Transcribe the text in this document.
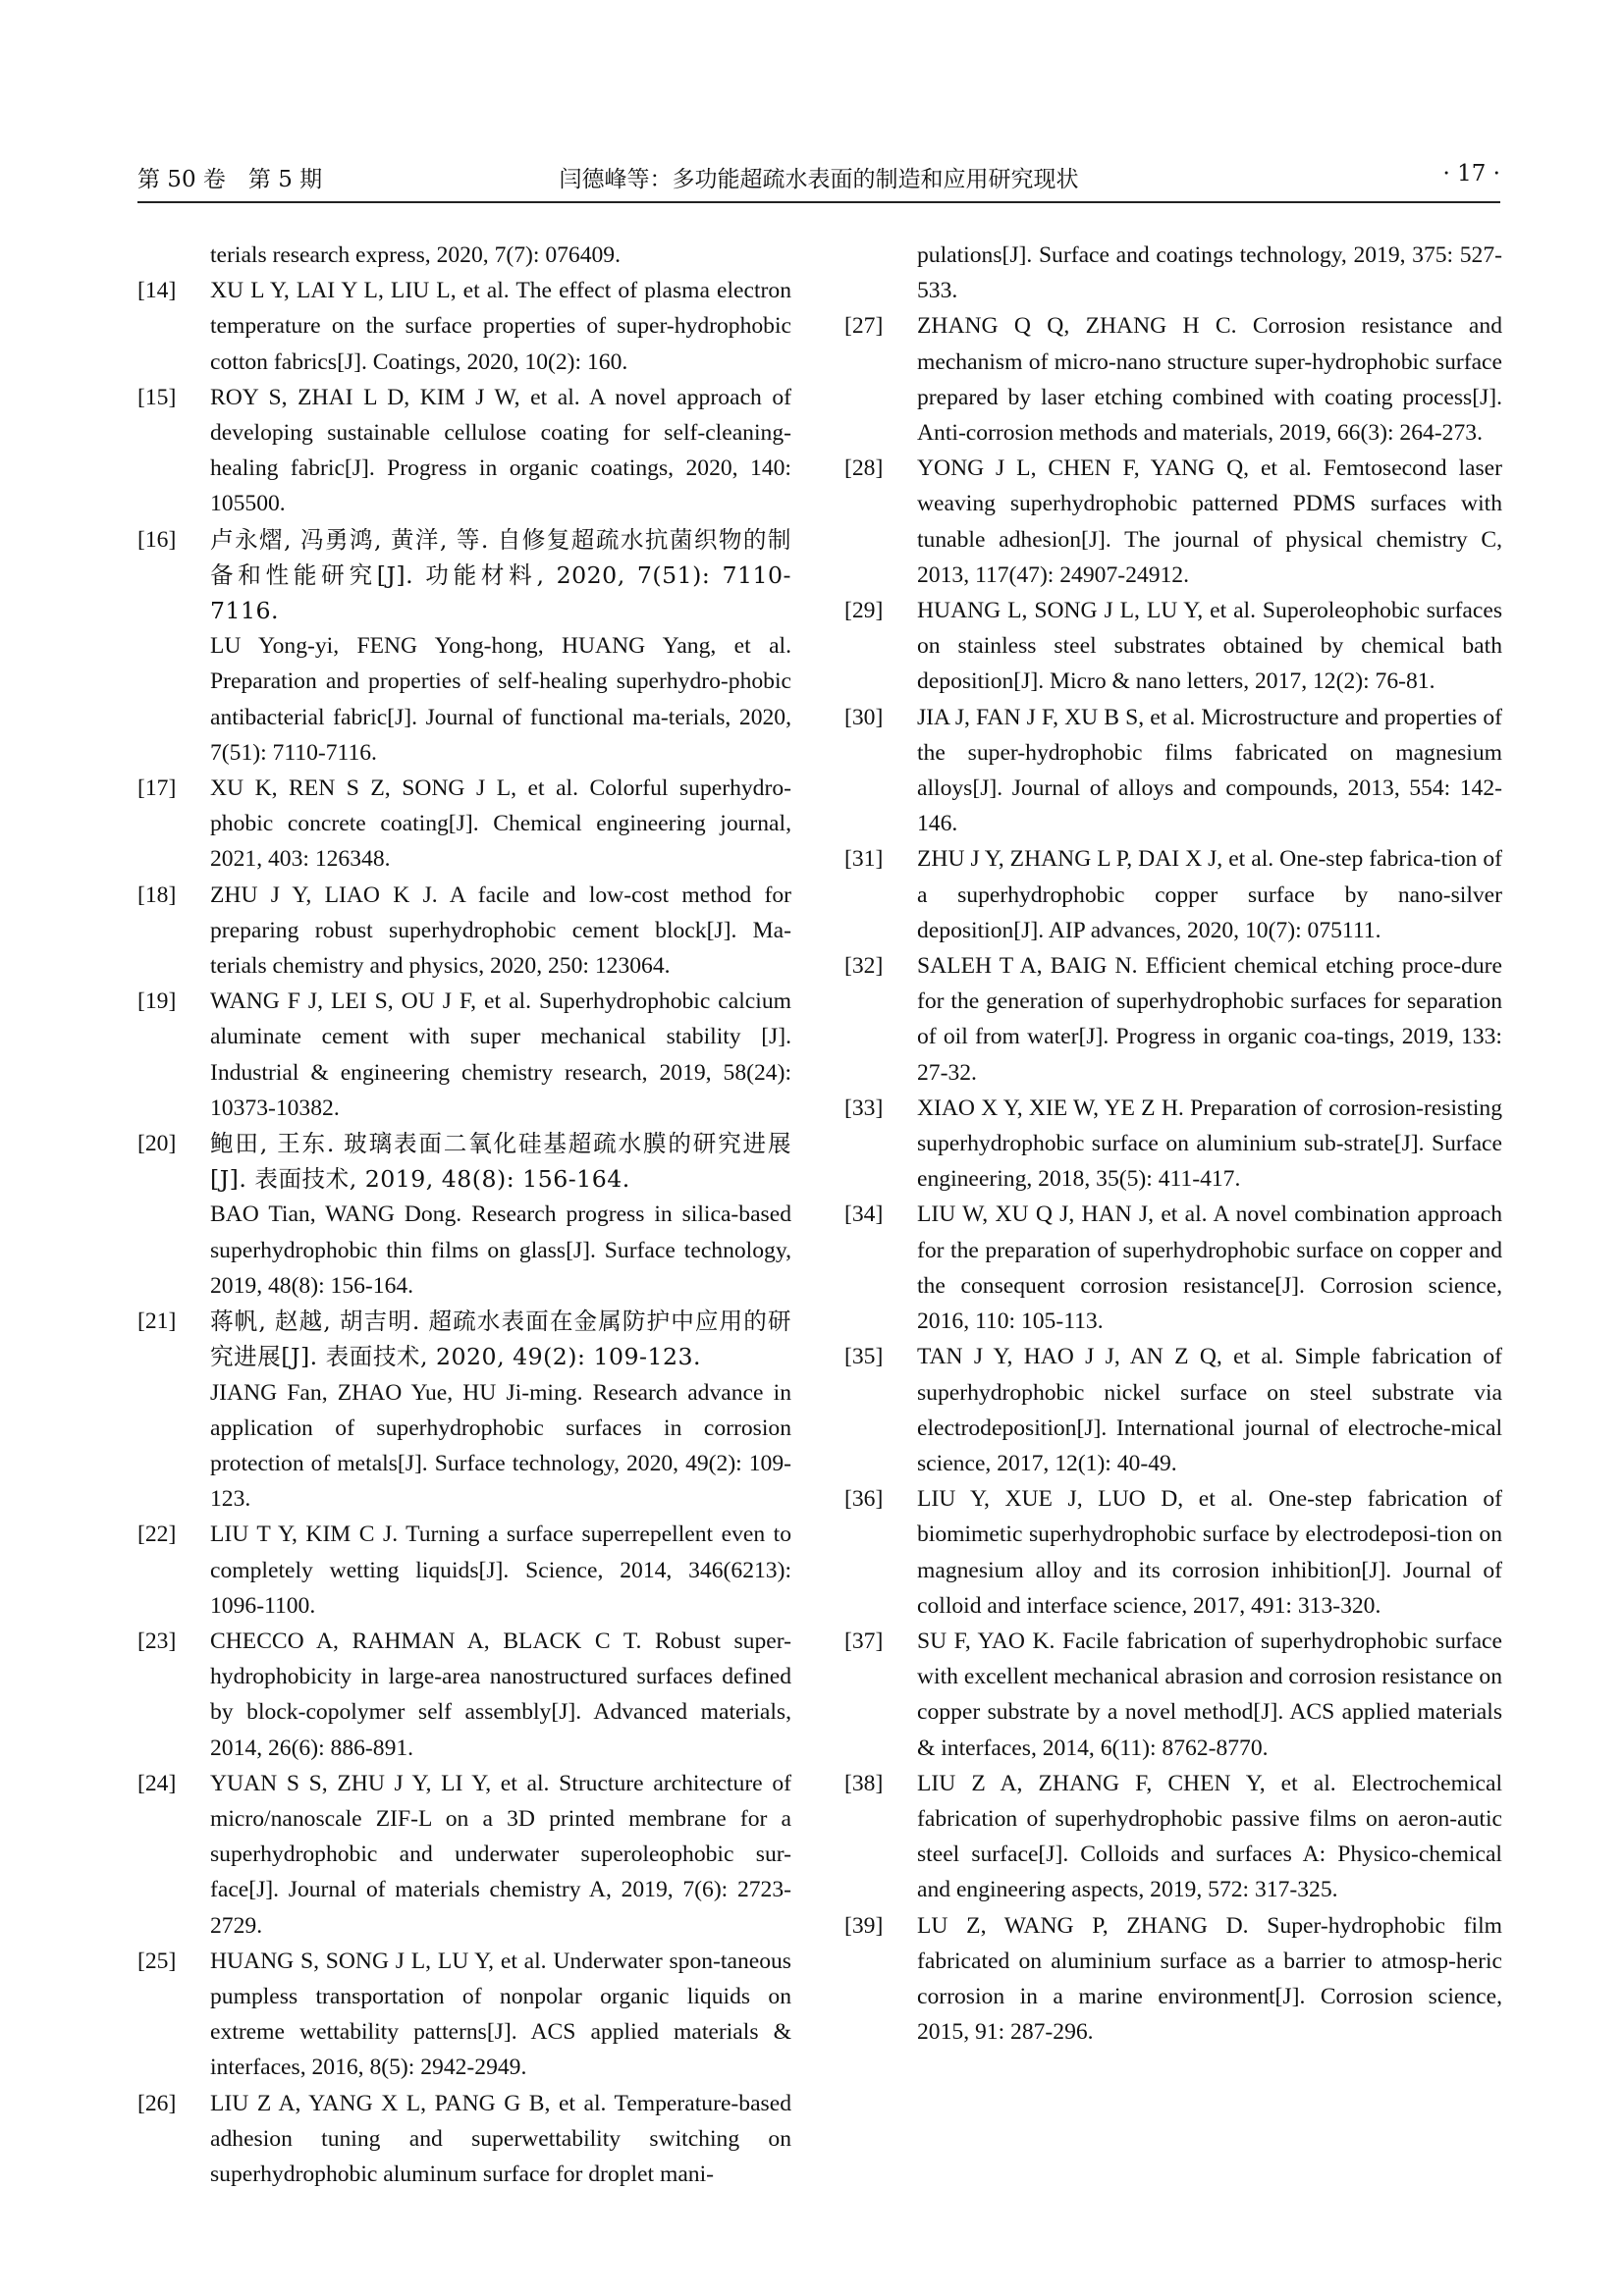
第 50 卷　第 5 期	闫德峰等：多功能超疏水表面的制造和应用研究现状	· 17 ·
terials research express, 2020, 7(7): 076409.
[14] XU L Y, LAI Y L, LIU L, et al. The effect of plasma electron temperature on the surface properties of super-hydrophobic cotton fabrics[J]. Coatings, 2020, 10(2): 160.
[15] ROY S, ZHAI L D, KIM J W, et al. A novel approach of developing sustainable cellulose coating for self-cleaning-healing fabric[J]. Progress in organic coatings, 2020, 140: 105500.
[16] 卢永熠, 冯勇鸿, 黄洋, 等. 自修复超疏水抗菌织物的制备和性能研究[J]. 功能材料, 2020, 7(51): 7110-7116.
LU Yong-yi, FENG Yong-hong, HUANG Yang, et al. Preparation and properties of self-healing superhydro-phobic antibacterial fabric[J]. Journal of functional ma-terials, 2020, 7(51): 7110-7116.
[17] XU K, REN S Z, SONG J L, et al. Colorful superhydro-phobic concrete coating[J]. Chemical engineering journal, 2021, 403: 126348.
[18] ZHU J Y, LIAO K J. A facile and low-cost method for preparing robust superhydrophobic cement block[J]. Ma-terials chemistry and physics, 2020, 250: 123064.
[19] WANG F J, LEI S, OU J F, et al. Superhydrophobic calcium aluminate cement with super mechanical stability [J]. Industrial & engineering chemistry research, 2019, 58(24): 10373-10382.
[20] 鲍田, 王东. 玻璃表面二氧化硅基超疏水膜的研究进展[J]. 表面技术, 2019, 48(8): 156-164.
BAO Tian, WANG Dong. Research progress in silica-based superhydrophobic thin films on glass[J]. Surface technology, 2019, 48(8): 156-164.
[21] 蒋帆, 赵越, 胡吉明. 超疏水表面在金属防护中应用的研究进展[J]. 表面技术, 2020, 49(2): 109-123.
JIANG Fan, ZHAO Yue, HU Ji-ming. Research advance in application of superhydrophobic surfaces in corrosion protection of metals[J]. Surface technology, 2020, 49(2): 109-123.
[22] LIU T Y, KIM C J. Turning a surface superrepellent even to completely wetting liquids[J]. Science, 2014, 346(6213): 1096-1100.
[23] CHECCO A, RAHMAN A, BLACK C T. Robust super-hydrophobicity in large-area nanostructured surfaces defined by block-copolymer self assembly[J]. Advanced materials, 2014, 26(6): 886-891.
[24] YUAN S S, ZHU J Y, LI Y, et al. Structure architecture of micro/nanoscale ZIF-L on a 3D printed membrane for a superhydrophobic and underwater superoleophobic sur-face[J]. Journal of materials chemistry A, 2019, 7(6): 2723-2729.
[25] HUANG S, SONG J L, LU Y, et al. Underwater spon-taneous pumpless transportation of nonpolar organic liquids on extreme wettability patterns[J]. ACS applied materials & interfaces, 2016, 8(5): 2942-2949.
[26] LIU Z A, YANG X L, PANG G B, et al. Temperature-based adhesion tuning and superwettability switching on superhydrophobic aluminum surface for droplet mani-
pulations[J]. Surface and coatings technology, 2019, 375: 527-533.
[27] ZHANG Q Q, ZHANG H C. Corrosion resistance and mechanism of micro-nano structure super-hydrophobic surface prepared by laser etching combined with coating process[J]. Anti-corrosion methods and materials, 2019, 66(3): 264-273.
[28] YONG J L, CHEN F, YANG Q, et al. Femtosecond laser weaving superhydrophobic patterned PDMS surfaces with tunable adhesion[J]. The journal of physical chemistry C, 2013, 117(47): 24907-24912.
[29] HUANG L, SONG J L, LU Y, et al. Superoleophobic surfaces on stainless steel substrates obtained by chemical bath deposition[J]. Micro & nano letters, 2017, 12(2): 76-81.
[30] JIA J, FAN J F, XU B S, et al. Microstructure and properties of the super-hydrophobic films fabricated on magnesium alloys[J]. Journal of alloys and compounds, 2013, 554: 142-146.
[31] ZHU J Y, ZHANG L P, DAI X J, et al. One-step fabrica-tion of a superhydrophobic copper surface by nano-silver deposition[J]. AIP advances, 2020, 10(7): 075111.
[32] SALEH T A, BAIG N. Efficient chemical etching proce-dure for the generation of superhydrophobic surfaces for separation of oil from water[J]. Progress in organic coa-tings, 2019, 133: 27-32.
[33] XIAO X Y, XIE W, YE Z H. Preparation of corrosion-resisting superhydrophobic surface on aluminium sub-strate[J]. Surface engineering, 2018, 35(5): 411-417.
[34] LIU W, XU Q J, HAN J, et al. A novel combination approach for the preparation of superhydrophobic surface on copper and the consequent corrosion resistance[J]. Corrosion science, 2016, 110: 105-113.
[35] TAN J Y, HAO J J, AN Z Q, et al. Simple fabrication of superhydrophobic nickel surface on steel substrate via electrodeposition[J]. International journal of electroche-mical science, 2017, 12(1): 40-49.
[36] LIU Y, XUE J, LUO D, et al. One-step fabrication of biomimetic superhydrophobic surface by electrodeposi-tion on magnesium alloy and its corrosion inhibition[J]. Journal of colloid and interface science, 2017, 491: 313-320.
[37] SU F, YAO K. Facile fabrication of superhydrophobic surface with excellent mechanical abrasion and corrosion resistance on copper substrate by a novel method[J]. ACS applied materials & interfaces, 2014, 6(11): 8762-8770.
[38] LIU Z A, ZHANG F, CHEN Y, et al. Electrochemical fabrication of superhydrophobic passive films on aeron-autic steel surface[J]. Colloids and surfaces A: Physico-chemical and engineering aspects, 2019, 572: 317-325.
[39] LU Z, WANG P, ZHANG D. Super-hydrophobic film fabricated on aluminium surface as a barrier to atmosp-heric corrosion in a marine environment[J]. Corrosion science, 2015, 91: 287-296.
